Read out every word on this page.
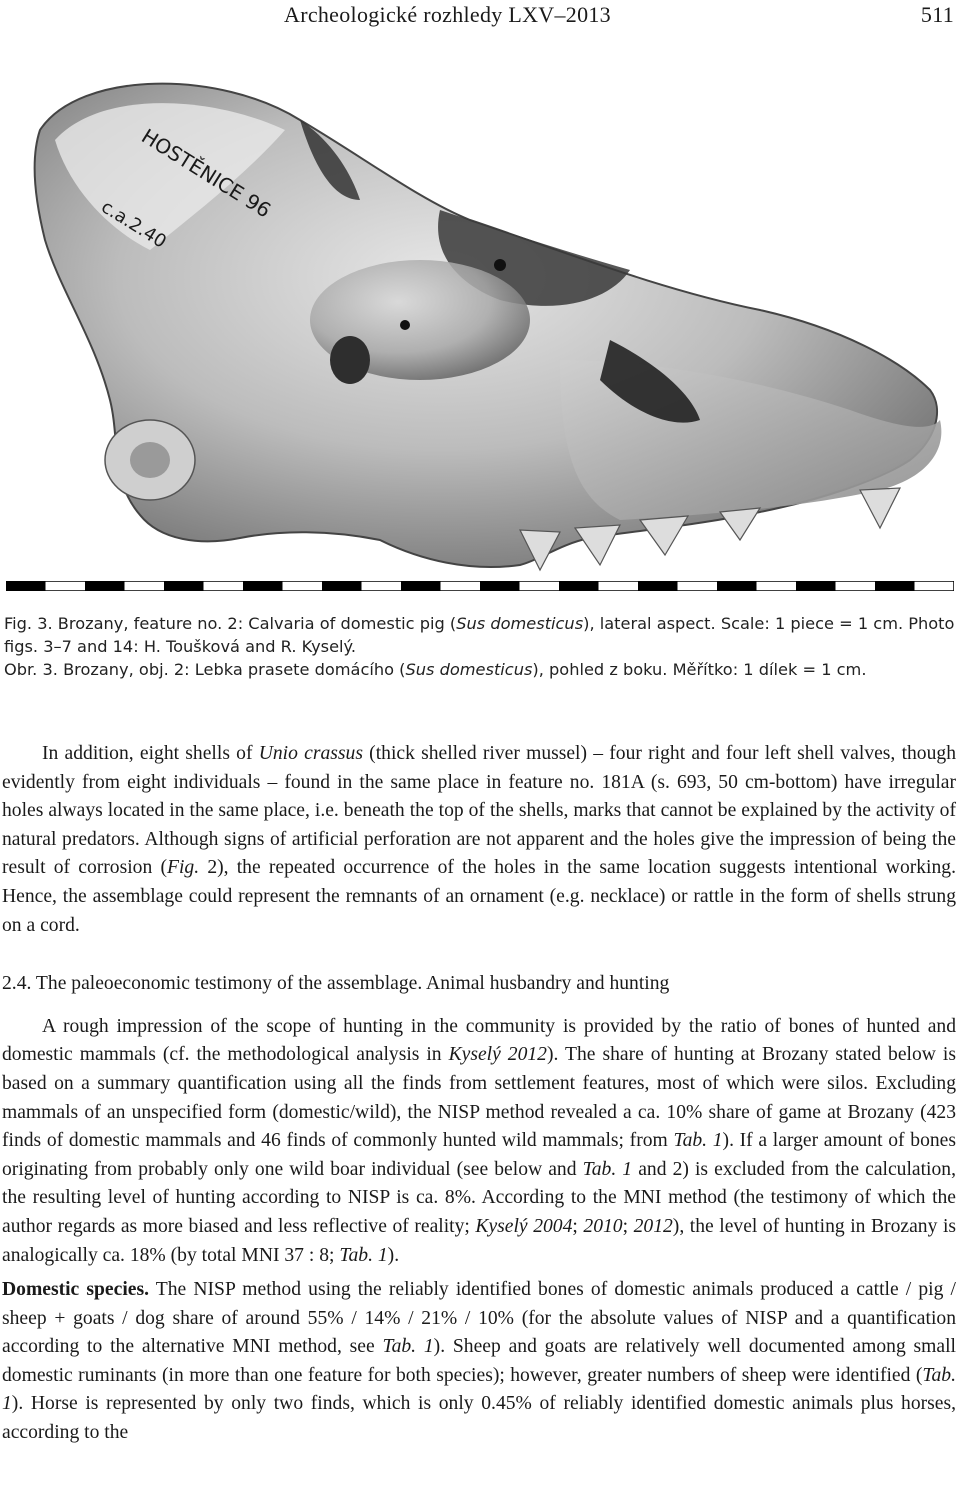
Archeologické rozhledy LXV–2013	511
HOSTĚNICE 96
c.a.2.40

Fig. 3. Brozany, feature no. 2: Calvaria of domestic pig (Sus domesticus), lateral aspect. Scale: 1 piece = 1 cm. Photo figs. 3–7 and 14: H. Toušková and R. Kyselý.

Obr. 3. Brozany, obj. 2: Lebka prasete domácího (Sus domesticus), pohled z boku. Měřítko: 1 dílek = 1 cm.

In addition, eight shells of Unio crassus (thick shelled river mussel) – four right and four left shell valves, though evidently from eight individuals – found in the same place in feature no. 181A (s. 693, 50 cm-bottom) have irregular holes always located in the same place, i.e. beneath the top of the shells, marks that cannot be explained by the activity of natural predators. Although signs of artificial perforation are not apparent and the holes give the impression of being the result of corrosion (Fig. 2), the repeated occurrence of the holes in the same location suggests intentional working. Hence, the assemblage could represent the remnants of an ornament (e.g. necklace) or rattle in the form of shells strung on a cord.

2.4. The paleoeconomic testimony of the assemblage. Animal husbandry and hunting

A rough impression of the scope of hunting in the community is provided by the ratio of bones of hunted and domestic mammals (cf. the methodological analysis in Kyselý 2012). The share of hunting at Brozany stated below is based on a summary quantification using all the finds from settlement features, most of which were silos. Excluding mammals of an unspecified form (domestic/wild), the NISP method revealed a ca. 10% share of game at Brozany (423 finds of domestic mammals and 46 finds of commonly hunted wild mammals; from Tab. 1). If a larger amount of bones originating from probably only one wild boar individual (see below and Tab. 1 and 2) is excluded from the calculation, the resulting level of hunting according to NISP is ca. 8%. According to the MNI method (the testimony of which the author regards as more biased and less reflective of reality; Kyselý 2004; 2010; 2012), the level of hunting in Brozany is analogically ca. 18% (by total MNI 37 : 8; Tab. 1).

Domestic species. The NISP method using the reliably identified bones of domestic animals produced a cattle / pig / sheep + goats / dog share of around 55% / 14% / 21% / 10% (for the absolute values of NISP and a quantification according to the alternative MNI method, see Tab. 1). Sheep and goats are relatively well documented among small domestic ruminants (in more than one feature for both species); however, greater numbers of sheep were identified (Tab. 1). Horse is represented by only two finds, which is only 0.45% of reliably identified domestic animals plus horses, according to the
